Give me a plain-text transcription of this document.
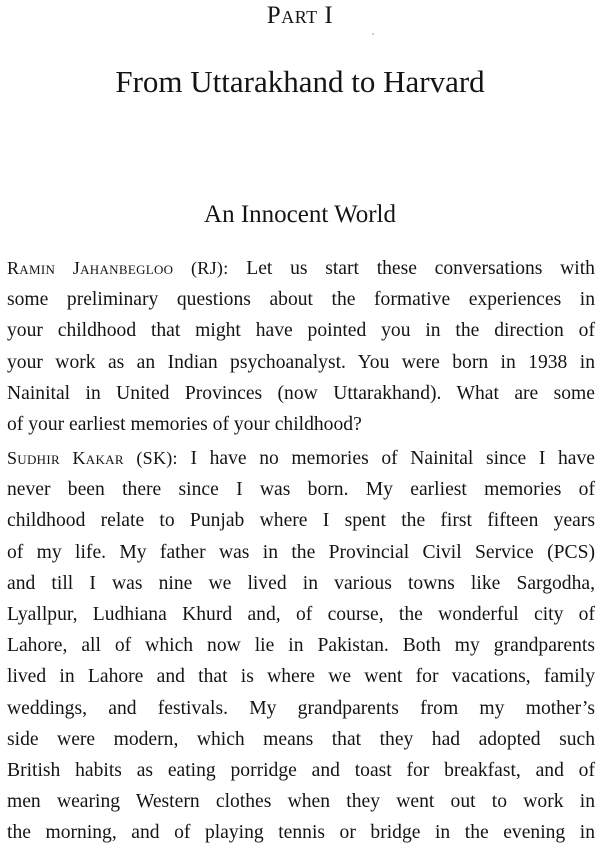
Part I
From Uttarakhand to Harvard
An Innocent World
Ramin Jahanbegloo (RJ): Let us start these conversations with
some preliminary questions about the formative experiences in
your childhood that might have pointed you in the direction of
your work as an Indian psychoanalyst. You were born in 1938 in
Nainital in United Provinces (now Uttarakhand). What are some
of your earliest memories of your childhood?
Sudhir Kakar (SK): I have no memories of Nainital since I have
never been there since I was born. My earliest memories of
childhood relate to Punjab where I spent the first fifteen years
of my life. My father was in the Provincial Civil Service (PCS)
and till I was nine we lived in various towns like Sargodha,
Lyallpur, Ludhiana Khurd and, of course, the wonderful city of
Lahore, all of which now lie in Pakistan. Both my grandparents
lived in Lahore and that is where we went for vacations, family
weddings, and festivals. My grandparents from my mother’s
side were modern, which means that they had adopted such
British habits as eating porridge and toast for breakfast, and of
men wearing Western clothes when they went out to work in
the morning, and of playing tennis or bridge in the evening in
